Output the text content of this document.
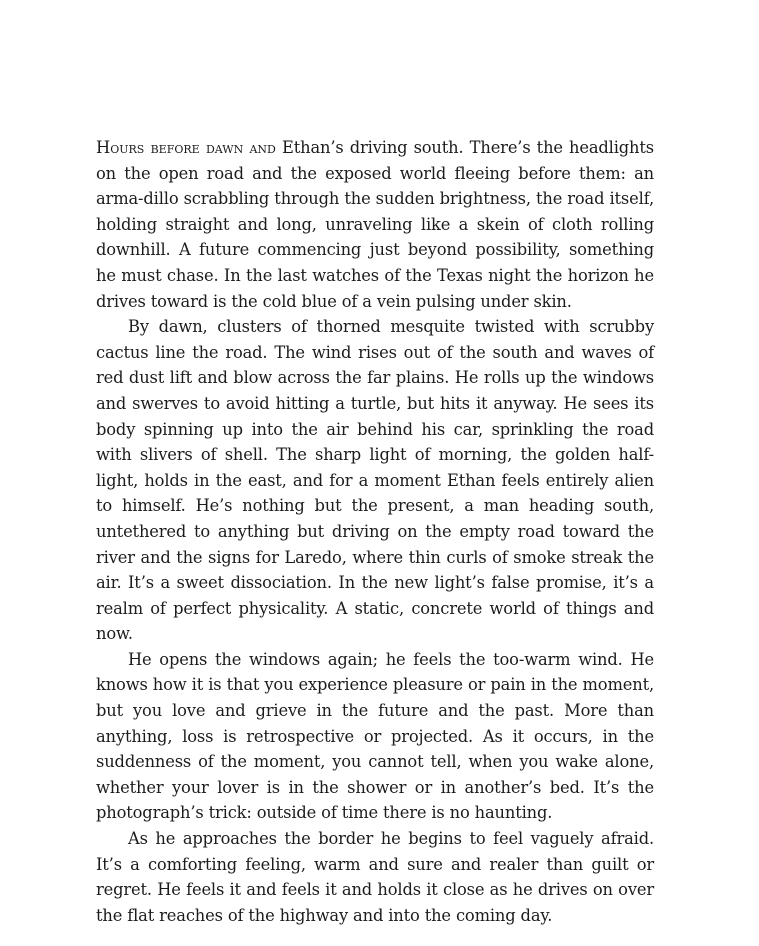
Hours before dawn and Ethan’s driving south. There’s the headlights on the open road and the exposed world fleeing before them: an arma-dillo scrabbling through the sudden brightness, the road itself, holding straight and long, unraveling like a skein of cloth rolling downhill. A future commencing just beyond possibility, something he must chase. In the last watches of the Texas night the horizon he drives toward is the cold blue of a vein pulsing under skin.

By dawn, clusters of thorned mesquite twisted with scrubby cactus line the road. The wind rises out of the south and waves of red dust lift and blow across the far plains. He rolls up the windows and swerves to avoid hitting a turtle, but hits it anyway. He sees its body spinning up into the air behind his car, sprinkling the road with slivers of shell. The sharp light of morning, the golden half-light, holds in the east, and for a moment Ethan feels entirely alien to himself. He’s nothing but the present, a man heading south, untethered to anything but driving on the empty road toward the river and the signs for Laredo, where thin curls of smoke streak the air. It’s a sweet dissociation. In the new light’s false promise, it’s a realm of perfect physicality. A static, concrete world of things and now.

He opens the windows again; he feels the too-warm wind. He knows how it is that you experience pleasure or pain in the moment, but you love and grieve in the future and the past. More than anything, loss is retrospective or projected. As it occurs, in the suddenness of the moment, you cannot tell, when you wake alone, whether your lover is in the shower or in another’s bed. It’s the photograph’s trick: outside of time there is no haunting.

As he approaches the border he begins to feel vaguely afraid. It’s a comforting feeling, warm and sure and realer than guilt or regret. He feels it and feels it and holds it close as he drives on over the flat reaches of the highway and into the coming day.
